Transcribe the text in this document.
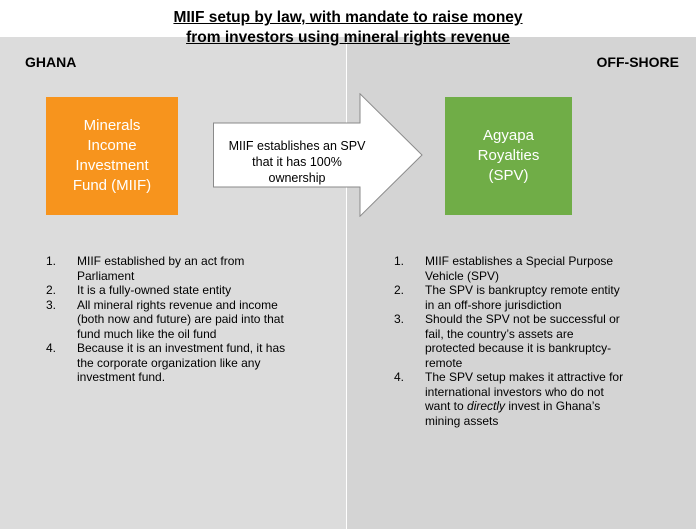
MIIF setup by law, with mandate to raise money
from investors using mineral rights revenue
GHANA	OFF-SHORE
Minerals
Income
Investment
Fund (MIIF)
MIIF establishes an SPV that it has 100% ownership
Agyapa
Royalties
(SPV)
1. MIIF established by an act from Parliament
2. It is a fully-owned state entity
3. All mineral rights revenue and income (both now and future) are paid into that fund much like the oil fund
4. Because it is an investment fund, it has the corporate organization like any investment fund.
1. MIIF establishes a Special Purpose Vehicle (SPV)
2. The SPV is bankruptcy remote entity in an off-shore jurisdiction
3. Should the SPV not be successful or fail, the country’s assets are protected because it is bankruptcy-remote
4. The SPV setup makes it attractive for international investors who do not want to directly invest in Ghana’s mining assets
